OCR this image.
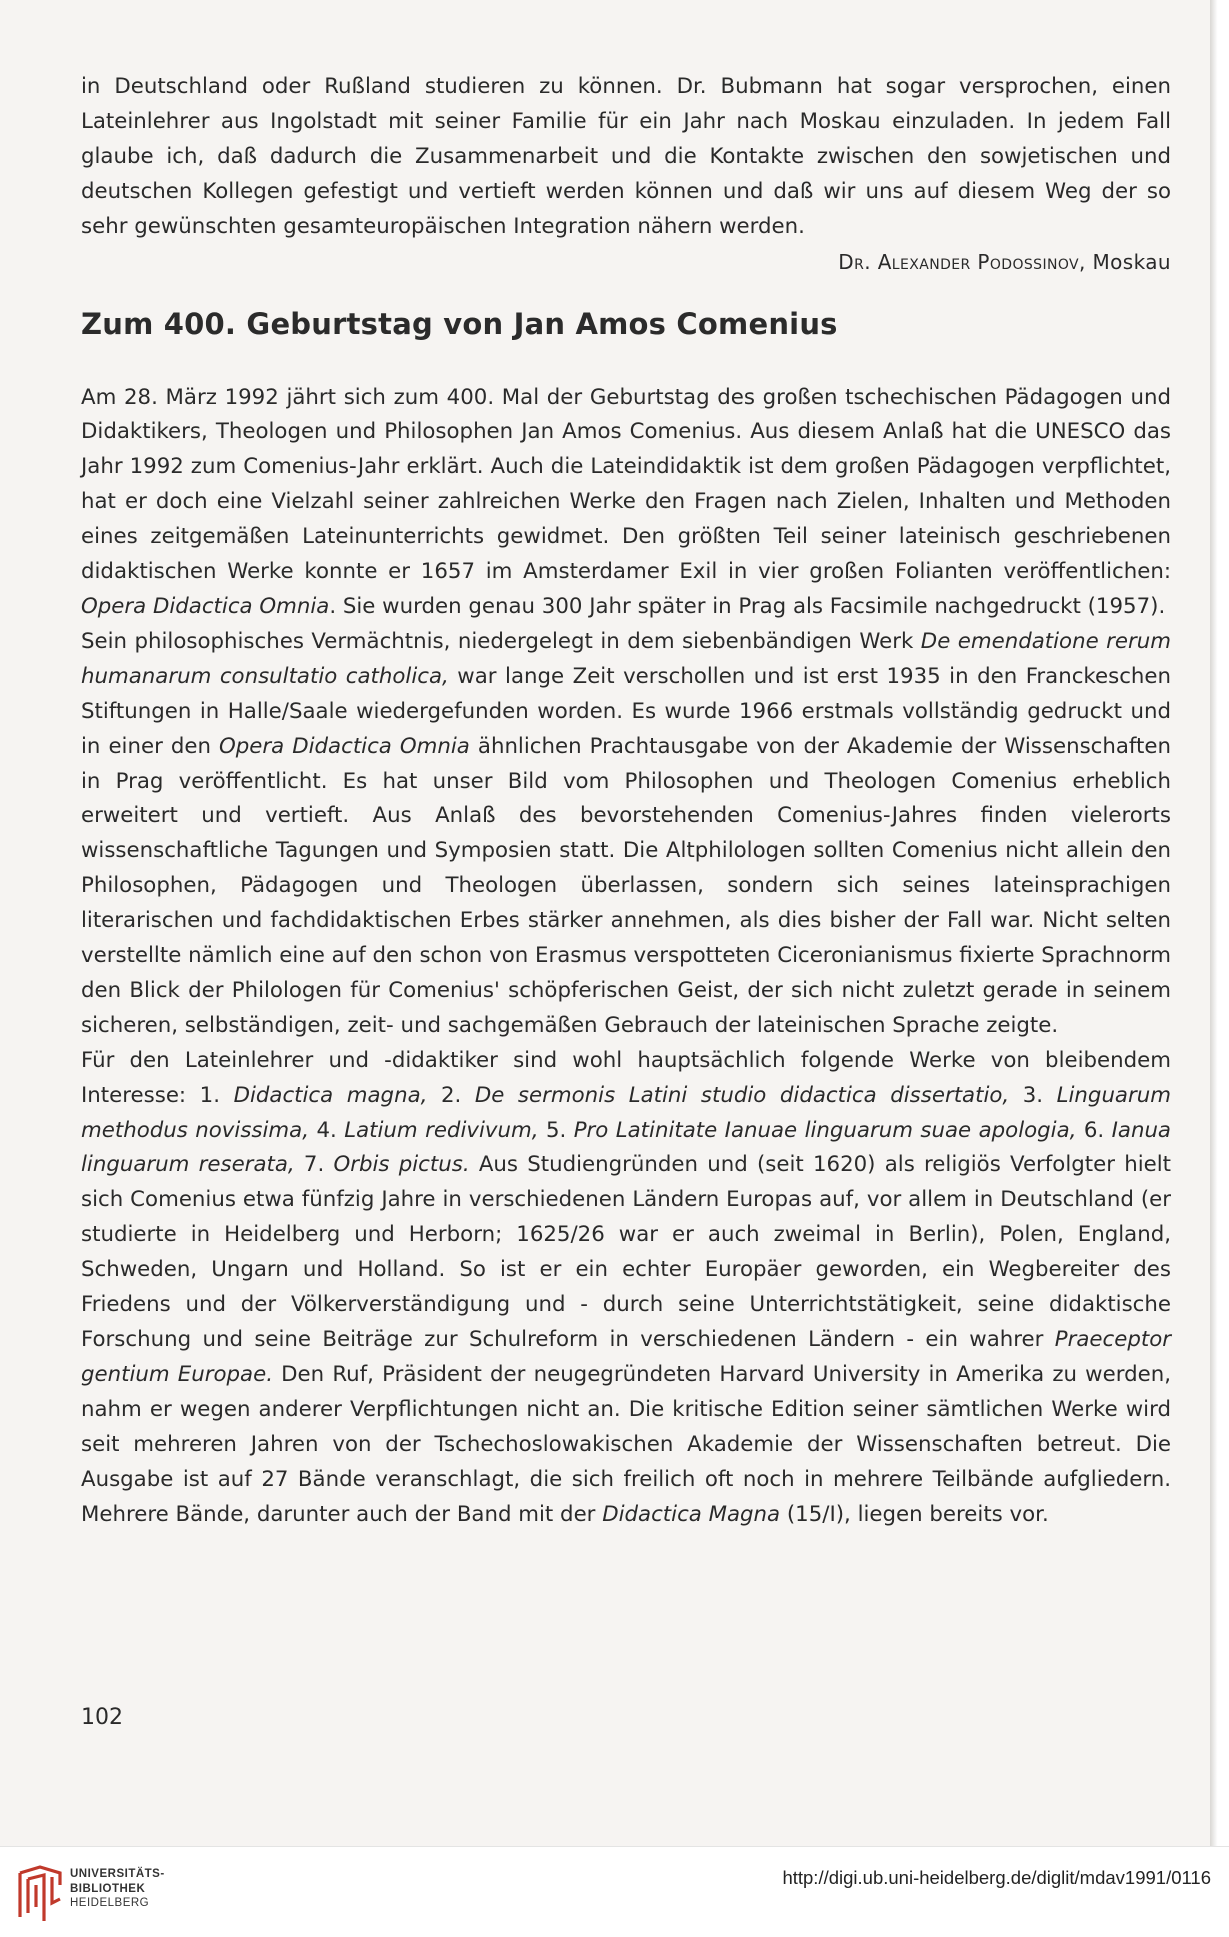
in Deutschland oder Rußland studieren zu können. Dr. Bubmann hat sogar versprochen, einen Lateinlehrer aus Ingolstadt mit seiner Familie für ein Jahr nach Moskau einzuladen. In jedem Fall glaube ich, daß dadurch die Zusammenarbeit und die Kontakte zwischen den sowjetischen und deutschen Kollegen gefestigt und vertieft werden können und daß wir uns auf diesem Weg der so sehr gewünschten gesamteuropäischen Integration nähern werden.

Dr. Alexander Podossinov, Moskau

Zum 400. Geburtstag von Jan Amos Comenius

Am 28. März 1992 jährt sich zum 400. Mal der Geburtstag des großen tschechischen Pädagogen und Didaktikers, Theologen und Philosophen Jan Amos Comenius. Aus diesem Anlaß hat die UNESCO das Jahr 1992 zum Comenius-Jahr erklärt. Auch die Lateindidaktik ist dem großen Pädagogen verpflichtet, hat er doch eine Vielzahl seiner zahlreichen Werke den Fragen nach Zielen, Inhalten und Methoden eines zeitgemäßen Lateinunterrichts gewidmet. Den größten Teil seiner lateinisch geschriebenen didaktischen Werke konnte er 1657 im Amsterdamer Exil in vier großen Folianten veröffentlichen: Opera Didactica Omnia. Sie wurden genau 300 Jahr später in Prag als Facsimile nachgedruckt (1957).

Sein philosophisches Vermächtnis, niedergelegt in dem siebenbändigen Werk De emendatione rerum humanarum consultatio catholica, war lange Zeit verschollen und ist erst 1935 in den Franckeschen Stiftungen in Halle/Saale wiedergefunden worden. Es wurde 1966 erstmals vollständig gedruckt und in einer den Opera Didactica Omnia ähnlichen Prachtausgabe von der Akademie der Wissenschaften in Prag veröffentlicht. Es hat unser Bild vom Philosophen und Theologen Comenius erheblich erweitert und vertieft. Aus Anlaß des bevorstehenden Comenius-Jahres finden vielerorts wissenschaftliche Tagungen und Symposien statt. Die Altphilologen sollten Comenius nicht allein den Philosophen, Pädagogen und Theologen überlassen, sondern sich seines lateinsprachigen literarischen und fachdidaktischen Erbes stärker annehmen, als dies bisher der Fall war. Nicht selten verstellte nämlich eine auf den schon von Erasmus verspotteten Ciceronianismus fixierte Sprachnorm den Blick der Philologen für Comenius' schöpferischen Geist, der sich nicht zuletzt gerade in seinem sicheren, selbständigen, zeit- und sachgemäßen Gebrauch der lateinischen Sprache zeigte.

Für den Lateinlehrer und -didaktiker sind wohl hauptsächlich folgende Werke von bleibendem Interesse: 1. Didactica magna, 2. De sermonis Latini studio didactica dissertatio, 3. Linguarum methodus novissima, 4. Latium redivivum, 5. Pro Latinitate Ianuae linguarum suae apologia, 6. Ianua linguarum reserata, 7. Orbis pictus. Aus Studiengründen und (seit 1620) als religiös Verfolgter hielt sich Comenius etwa fünfzig Jahre in verschiedenen Ländern Europas auf, vor allem in Deutschland (er studierte in Heidelberg und Herborn; 1625/26 war er auch zweimal in Berlin), Polen, England, Schweden, Ungarn und Holland. So ist er ein echter Europäer geworden, ein Wegbereiter des Friedens und der Völkerverständigung und - durch seine Unterrichtstätigkeit, seine didaktische Forschung und seine Beiträge zur Schulreform in verschiedenen Ländern - ein wahrer Praeceptor gentium Europae. Den Ruf, Präsident der neugegründeten Harvard University in Amerika zu werden, nahm er wegen anderer Verpflichtungen nicht an. Die kritische Edition seiner sämtlichen Werke wird seit mehreren Jahren von der Tschechoslowakischen Akademie der Wissenschaften betreut. Die Ausgabe ist auf 27 Bände veranschlagt, die sich freilich oft noch in mehrere Teilbände aufgliedern. Mehrere Bände, darunter auch der Band mit der Didactica Magna (15/I), liegen bereits vor.

102
UNIVERSITÄTS-
BIBLIOTHEK
HEIDELBERG
http://digi.ub.uni-heidelberg.de/diglit/mdav1991/0116
